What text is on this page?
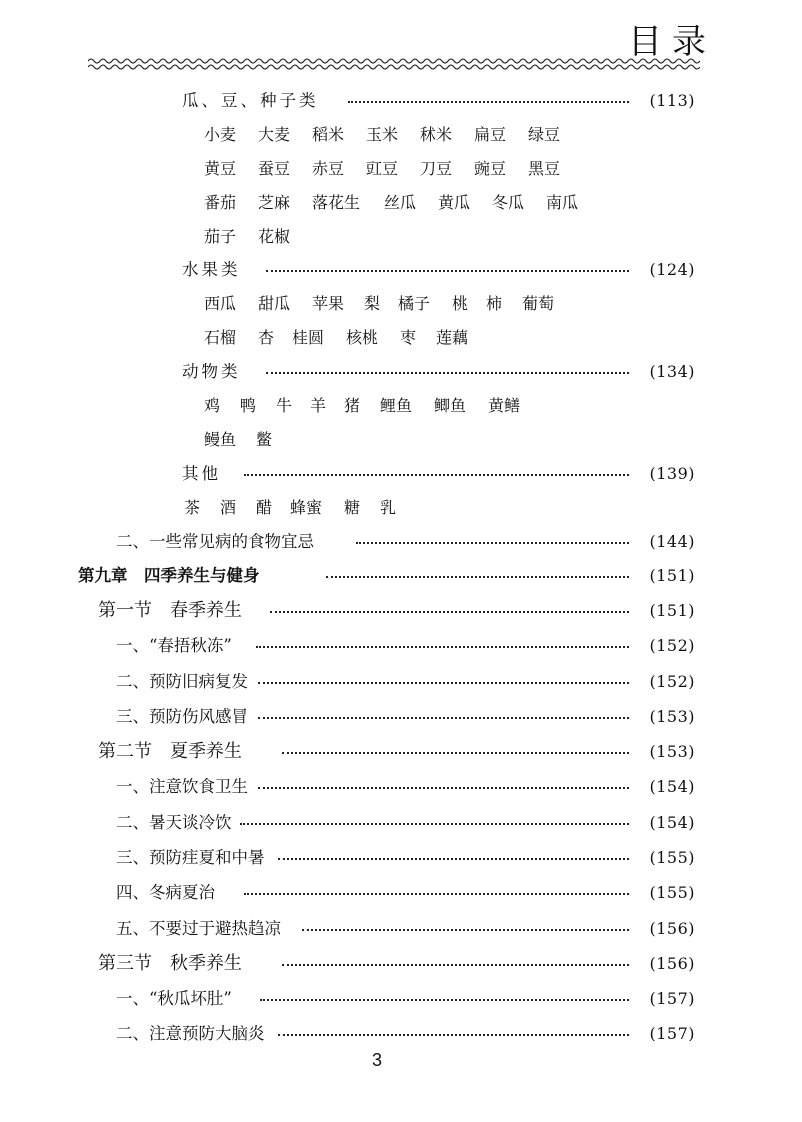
目录
瓜、豆、种子类	(113)
小麦 大麦 稻米 玉米 秫米 扁豆 绿豆
黄豆 蚕豆 赤豆 豇豆 刀豆 豌豆 黑豆
番茄 芝麻 落花生 丝瓜 黄瓜 冬瓜 南瓜
茄子 花椒
水果类	(124)
西瓜 甜瓜 苹果 梨 橘子 桃 柿 葡萄
石榴 杏 桂圆 核桃 枣 莲藕
动物类	(134)
鸡 鸭 牛 羊 猪 鲤鱼 鲫鱼 黄鳝
鳗鱼 鳖
其他	(139)
茶 酒 醋 蜂蜜 糖 乳
二、一些常见病的食物宜忌	(144)
第九章　四季养生与健身	(151)
第一节　春季养生	(151)
一、“春捂秋冻”	(152)
二、预防旧病复发	(152)
三、预防伤风感冒	(153)
第二节　夏季养生	(153)
一、注意饮食卫生	(154)
二、暑天谈冷饮	(154)
三、预防疰夏和中暑	(155)
四、冬病夏治	(155)
五、不要过于避热趋凉	(156)
第三节　秋季养生	(156)
一、“秋瓜坏肚”	(157)
二、注意预防大脑炎	(157)
3
